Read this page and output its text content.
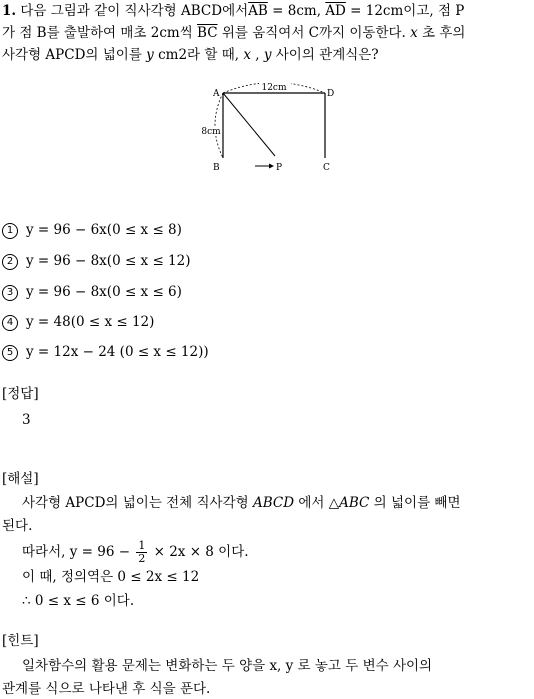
1. 다음 그림과 같이 직사각형 ABCD에서$\overline{AB} = 8cm$, $\overline{AD} = 12cm$이고, 점 P
가 점 B를 출발하여 매초 2cm씩 $\overline{BC}$ 위를 움직여서 C까지 이동한다. x 초 후의
사각형 APCD의 넓이를 y cm2라 할 때, x , y 사이의 관계식은?
12cm
8cm
A	D
B	C
P
1 y = 96 − 6x(0 ≤ x ≤ 8)
2 y = 96 − 8x(0 ≤ x ≤ 12)
3 y = 96 − 8x(0 ≤ x ≤ 6)
4 y = 48(0 ≤ x ≤ 12)
5 y = 12x − 24 (0 ≤ x ≤ 12))
[정답]
3
[해설]
사각형 APCD의 넓이는 전체 직사각형 ABCD 에서 △ABC 의 넓이를 빼면
된다.
따라서, $y = 96 - \frac{1}{2} \times 2x \times 8$ 이다.
이 때, 정의역은 0 ≤ 2x ≤ 12
∴ 0 ≤ x ≤ 6 이다.
[힌트]
일차함수의 활용 문제는 변화하는 두 양을 x, y 로 놓고 두 변수 사이의
관계를 식으로 나타낸 후 식을 푼다.
